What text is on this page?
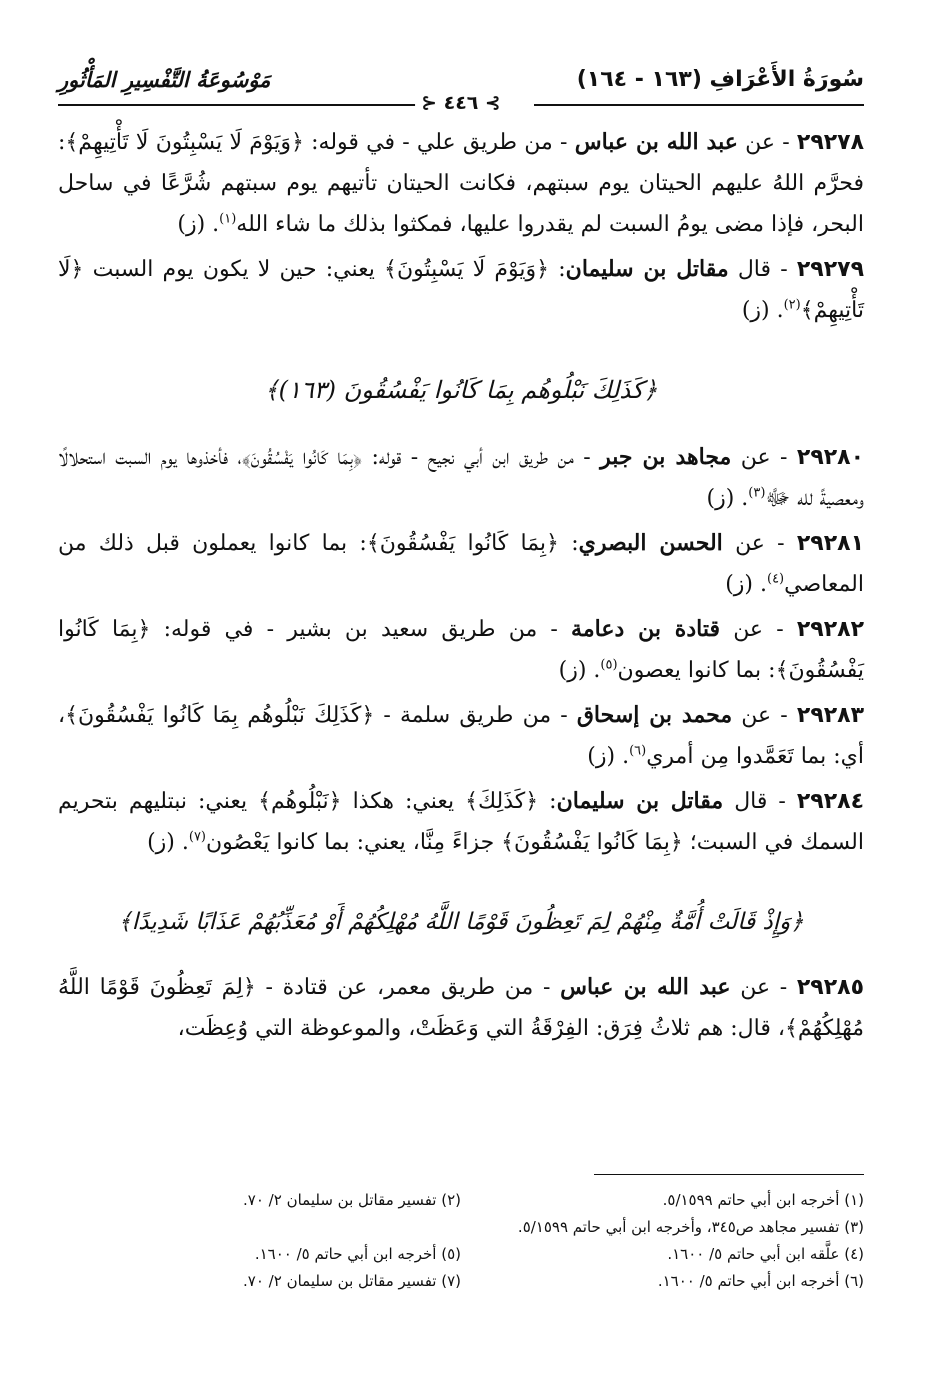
سُورَةُ الأَعْرَافِ (١٦٣ - ١٦٤)
مَوْسُوعَةُ التَّفْسِيرِ المَأْثُورِ
⊱ ٤٤٦ ⊰

٢٩٢٧٨ - عن عبد الله بن عباس - من طريق علي - في قوله: ﴿وَيَوْمَ لَا يَسْبِتُونَ لَا تَأْتِيهِمْ﴾: فحرَّم اللهُ عليهم الحيتان يوم سبتهم، فكانت الحيتان تأتيهم يوم سبتهم شُرَّعًا في ساحل البحر، فإذا مضى يومُ السبت لم يقدروا عليها، فمكثوا بذلك ما شاء الله$^{(١)}$. (ز)

٢٩٢٧٩ - قال مقاتل بن سليمان: ﴿وَيَوْمَ لَا يَسْبِتُونَ﴾ يعني: حين لا يكون يوم السبت ﴿لَا تَأْتِيهِمْ﴾$^{(٢)}$. (ز)

﴿كَذَلِكَ نَبْلُوهُم بِمَا كَانُوا يَفْسُقُونَ (١٦٣)﴾

٢٩٢٨٠ - عن مجاهد بن جبر - من طريق ابن أبي نجيح - قوله: ﴿بِمَا كَانُوا يَفْسُقُونَ﴾، فأخذوها يوم السبت استحلالًا ومعصيةً لله ﷻ$^{(٣)}$. (ز)

٢٩٢٨١ - عن الحسن البصري: ﴿بِمَا كَانُوا يَفْسُقُونَ﴾: بما كانوا يعملون قبل ذلك من المعاصي$^{(٤)}$. (ز)

٢٩٢٨٢ - عن قتادة بن دعامة - من طريق سعيد بن بشير - في قوله: ﴿بِمَا كَانُوا يَفْسُقُونَ﴾: بما كانوا يعصون$^{(٥)}$. (ز)

٢٩٢٨٣ - عن محمد بن إسحاق - من طريق سلمة - ﴿كَذَلِكَ نَبْلُوهُم بِمَا كَانُوا يَفْسُقُونَ﴾، أي: بما تَعَمَّدوا مِن أمري$^{(٦)}$. (ز)

٢٩٢٨٤ - قال مقاتل بن سليمان: ﴿كَذَلِكَ﴾ يعني: هكذا ﴿نَبْلُوهُم﴾ يعني: نبتليهم بتحريم السمك في السبت؛ ﴿بِمَا كَانُوا يَفْسُقُونَ﴾ جزاءً مِنَّا، يعني: بما كانوا يَعْصُون$^{(٧)}$. (ز)

﴿وَإِذْ قَالَتْ أُمَّةٌ مِنْهُمْ لِمَ تَعِظُونَ قَوْمًا اللَّهُ مُهْلِكُهُمْ أَوْ مُعَذِّبُهُمْ عَذَابًا شَدِيدًا﴾

٢٩٢٨٥ - عن عبد الله بن عباس - من طريق معمر، عن قتادة - ﴿لِمَ تَعِظُونَ قَوْمًا اللَّهُ مُهْلِكُهُمْ﴾، قال: هم ثلاثُ فِرَق: الفِرْقَةُ التي وَعَظَتْ، والموعوظة التي وُعِظَت،

(١) أخرجه ابن أبي حاتم ٥/١٥٩٩.
(٢) تفسير مقاتل بن سليمان ٢/ ٧٠.
(٣) تفسير مجاهد ص٣٤٥، وأخرجه ابن أبي حاتم ٥/١٥٩٩.
(٤) علَّقه ابن أبي حاتم ٥/ ١٦٠٠.
(٥) أخرجه ابن أبي حاتم ٥/ ١٦٠٠.
(٦) أخرجه ابن أبي حاتم ٥/ ١٦٠٠.
(٧) تفسير مقاتل بن سليمان ٢/ ٧٠.
